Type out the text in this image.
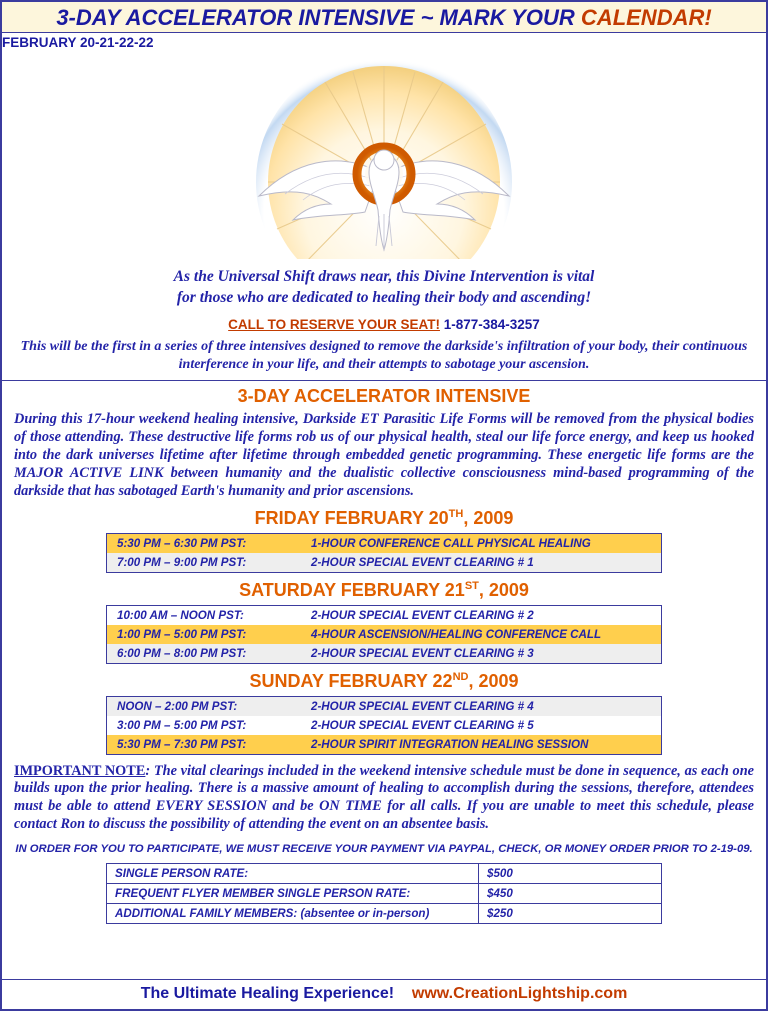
3-DAY ACCELERATOR INTENSIVE ~ MARK YOUR CALENDAR!
FEBRUARY 20-21-22-22
As the Universal Shift draws near, this Divine Intervention is vital
for those who are dedicated to healing their body and ascending!
CALL TO RESERVE YOUR SEAT! 1-877-384-3257
This will be the first in a series of three intensives designed to remove the darkside's infiltration of your body, their continuous interference in your life, and their attempts to sabotage your ascension.
3-DAY ACCELERATOR INTENSIVE
During this 17-hour weekend healing intensive, Darkside ET Parasitic Life Forms will be removed from the physical bodies of those attending. These destructive life forms rob us of our physical health, steal our life force energy, and keep us hooked into the dark universes lifetime after lifetime through embedded genetic programming. These energetic life forms are the MAJOR ACTIVE LINK between humanity and the dualistic collective consciousness mind-based programming of the darkside that has sabotaged Earth's humanity and prior ascensions.
FRIDAY FEBRUARY 20TH, 2009
5:30 PM – 6:30 PM PST:	1-HOUR CONFERENCE CALL PHYSICAL HEALING
7:00 PM – 9:00 PM PST:	2-HOUR SPECIAL EVENT CLEARING # 1
SATURDAY FEBRUARY 21ST, 2009
10:00 AM – NOON PST:	2-HOUR SPECIAL EVENT CLEARING # 2
1:00 PM – 5:00 PM PST:	4-HOUR ASCENSION/HEALING CONFERENCE CALL
6:00 PM – 8:00 PM PST:	2-HOUR SPECIAL EVENT CLEARING # 3
SUNDAY FEBRUARY 22ND, 2009
NOON – 2:00 PM PST:	2-HOUR SPECIAL EVENT CLEARING # 4
3:00 PM – 5:00 PM PST:	2-HOUR SPECIAL EVENT CLEARING # 5
5:30 PM – 7:30 PM PST:	2-HOUR SPIRIT INTEGRATION HEALING SESSION
IMPORTANT NOTE: The vital clearings included in the weekend intensive schedule must be done in sequence, as each one builds upon the prior healing. There is a massive amount of healing to accomplish during the sessions, therefore, attendees must be able to attend EVERY SESSION and be ON TIME for all calls. If you are unable to meet this schedule, please contact Ron to discuss the possibility of attending the event on an absentee basis.
IN ORDER FOR YOU TO PARTICIPATE, WE MUST RECEIVE YOUR PAYMENT VIA PAYPAL, CHECK, OR MONEY ORDER PRIOR TO 2-19-09.
SINGLE PERSON RATE:	$500
FREQUENT FLYER MEMBER SINGLE PERSON RATE:	$450
ADDITIONAL FAMILY MEMBERS: (absentee or in-person)	$250
The Ultimate Healing Experience! www.CreationLightship.com
